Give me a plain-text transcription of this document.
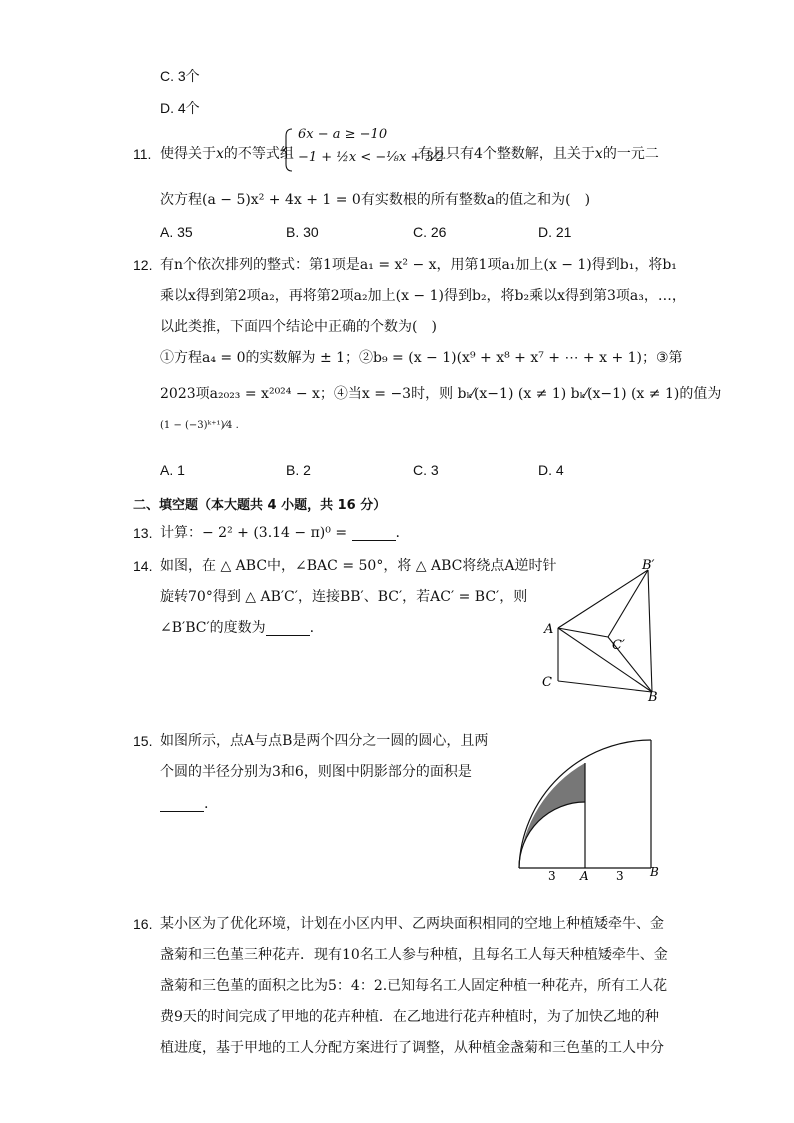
C. 3个
D. 4个
11. 使得关于x的不等式组
6x − a ≥ −10
−1 + ½x < −⅛x + 3⁄2
有且只有4个整数解，且关于x的一元二
次方程(a − 5)x² + 4x + 1 = 0有实数根的所有整数a的值之和为(　)
A. 35	B. 30	C. 26	D. 21
12. 有n个依次排列的整式：第1项是a₁ = x² − x，用第1项a₁加上(x − 1)得到b₁，将b₁
乘以x得到第2项a₂，再将第2项a₂加上(x − 1)得到b₂，将b₂乘以x得到第3项a₃，…，
以此类推，下面四个结论中正确的个数为(　)
①方程a₄ = 0的实数解为 ± 1；②b₉ = (x − 1)(x⁹ + x⁸ + x⁷ + ⋯ + x + 1)；③第
2023项a₂₀₂₃ = x²⁰²⁴ − x；④当x = −3时，则 bₖ⁄(x−1) (x ≠ 1) bₖ⁄(x−1) (x ≠ 1)的值为
(1 − (−3)ᵏ⁺¹)⁄4 .
A. 1	B. 2	C. 3	D. 4
二、填空题（本大题共 4 小题，共 16 分）
13. 计算：− 2² + (3.14 − π)⁰ =	.
14. 如图，在 △ ABC中，∠BAC = 50°，将 △ ABC将绕点A逆时针
旋转70°得到 △ AB′C′，连接BB′、BC′，若AC′ = BC′，则
∠B′BC′的度数为	.	A
B′
C′
C
B
15. 如图所示，点A与点B是两个四分之一圆的圆心，且两
个圆的半径分别为3和6，则图中阴影部分的面积是
.
3 A 3 B
16. 某小区为了优化环境，计划在小区内甲、乙两块面积相同的空地上种植矮牵牛、金
盏菊和三色堇三种花卉．现有10名工人参与种植，且每名工人每天种植矮牵牛、金
盏菊和三色堇的面积之比为5：4：2.已知每名工人固定种植一种花卉，所有工人花
费9天的时间完成了甲地的花卉种植．在乙地进行花卉种植时，为了加快乙地的种
植进度，基于甲地的工人分配方案进行了调整，从种植金盏菊和三色堇的工人中分
